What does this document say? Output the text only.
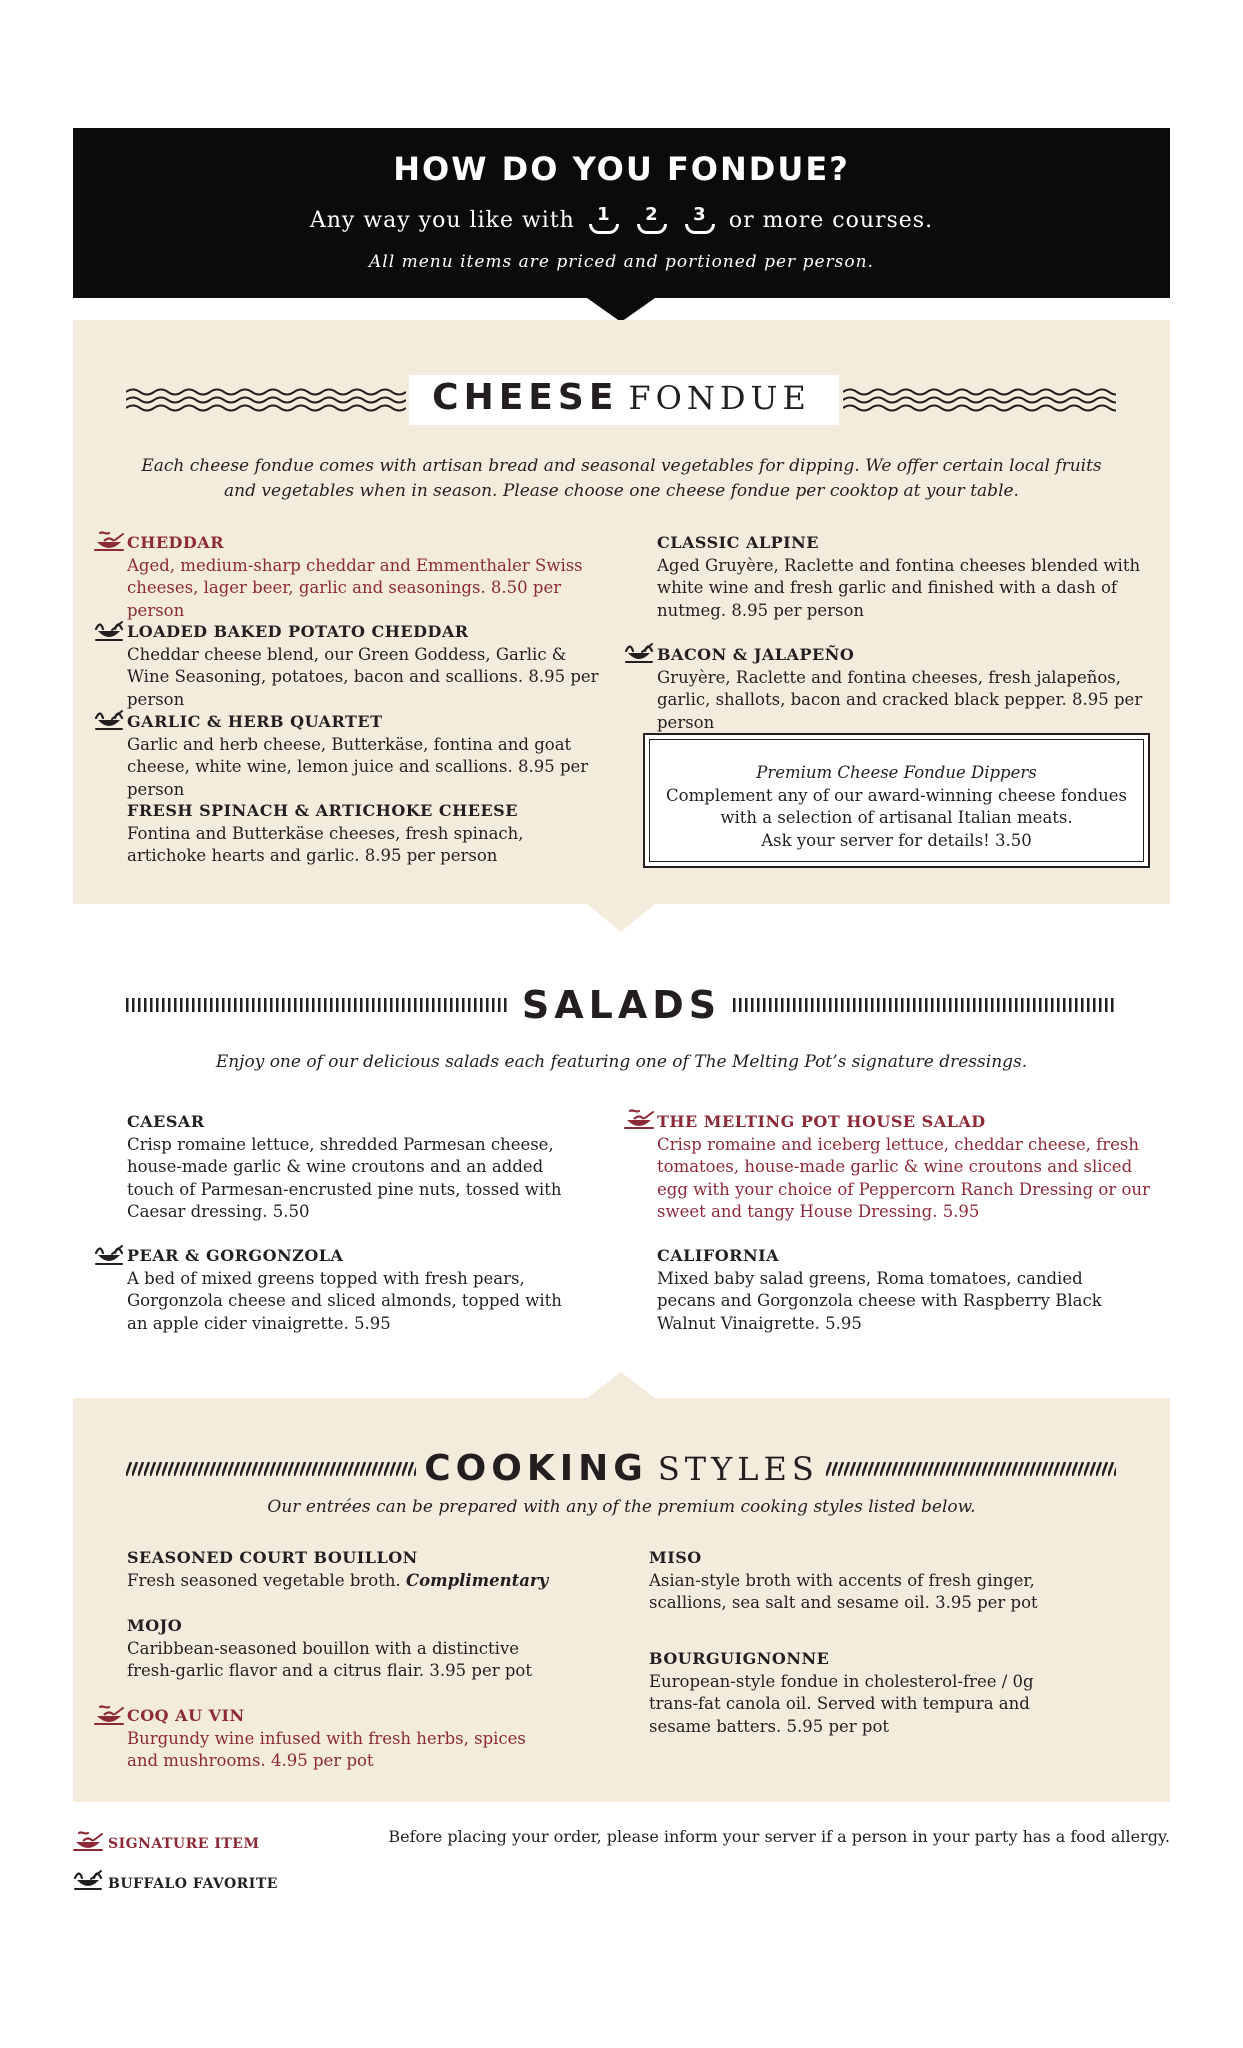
HOW DO YOU FONDUE?
Any way you like with 1 2 3 or more courses.
All menu items are priced and portioned per person.
CHEESE FONDUE
Each cheese fondue comes with artisan bread and seasonal vegetables for dipping. We offer certain local fruits and vegetables when in season. Please choose one cheese fondue per cooktop at your table.
CHEDDAR
Aged, medium-sharp cheddar and Emmenthaler Swiss cheeses, lager beer, garlic and seasonings. 8.50 per person
LOADED BAKED POTATO CHEDDAR
Cheddar cheese blend, our Green Goddess, Garlic & Wine Seasoning, potatoes, bacon and scallions. 8.95 per person
GARLIC & HERB QUARTET
Garlic and herb cheese, Butterkäse, fontina and goat cheese, white wine, lemon juice and scallions. 8.95 per person
FRESH SPINACH & ARTICHOKE CHEESE
Fontina and Butterkäse cheeses, fresh spinach, artichoke hearts and garlic. 8.95 per person
CLASSIC ALPINE
Aged Gruyère, Raclette and fontina cheeses blended with white wine and fresh garlic and finished with a dash of nutmeg. 8.95 per person
BACON & JALAPEÑO
Gruyère, Raclette and fontina cheeses, fresh jalapeños, garlic, shallots, bacon and cracked black pepper. 8.95 per person
Premium Cheese Fondue Dippers
Complement any of our award-winning cheese fondues
with a selection of artisanal Italian meats.
Ask your server for details! 3.50
SALADS
Enjoy one of our delicious salads each featuring one of The Melting Pot’s signature dressings.
CAESAR
Crisp romaine lettuce, shredded Parmesan cheese, house-made garlic & wine croutons and an added touch of Parmesan-encrusted pine nuts, tossed with Caesar dressing. 5.50
PEAR & GORGONZOLA
A bed of mixed greens topped with fresh pears, Gorgonzola cheese and sliced almonds, topped with an apple cider vinaigrette. 5.95
THE MELTING POT HOUSE SALAD
Crisp romaine and iceberg lettuce, cheddar cheese, fresh tomatoes, house-made garlic & wine croutons and sliced egg with your choice of Peppercorn Ranch Dressing or our sweet and tangy House Dressing. 5.95
CALIFORNIA
Mixed baby salad greens, Roma tomatoes, candied pecans and Gorgonzola cheese with Raspberry Black Walnut Vinaigrette. 5.95
COOKING STYLES
Our entrées can be prepared with any of the premium cooking styles listed below.
SEASONED COURT BOUILLON
Fresh seasoned vegetable broth. Complimentary
MOJO
Caribbean-seasoned bouillon with a distinctive fresh-garlic flavor and a citrus flair. 3.95 per pot
COQ AU VIN
Burgundy wine infused with fresh herbs, spices and mushrooms. 4.95 per pot
MISO
Asian-style broth with accents of fresh ginger, scallions, sea salt and sesame oil. 3.95 per pot
BOURGUIGNONNE
European-style fondue in cholesterol-free / 0g trans-fat canola oil. Served with tempura and sesame batters. 5.95 per pot
SIGNATURE ITEM
BUFFALO FAVORITE
Before placing your order, please inform your server if a person in your party has a food allergy.
